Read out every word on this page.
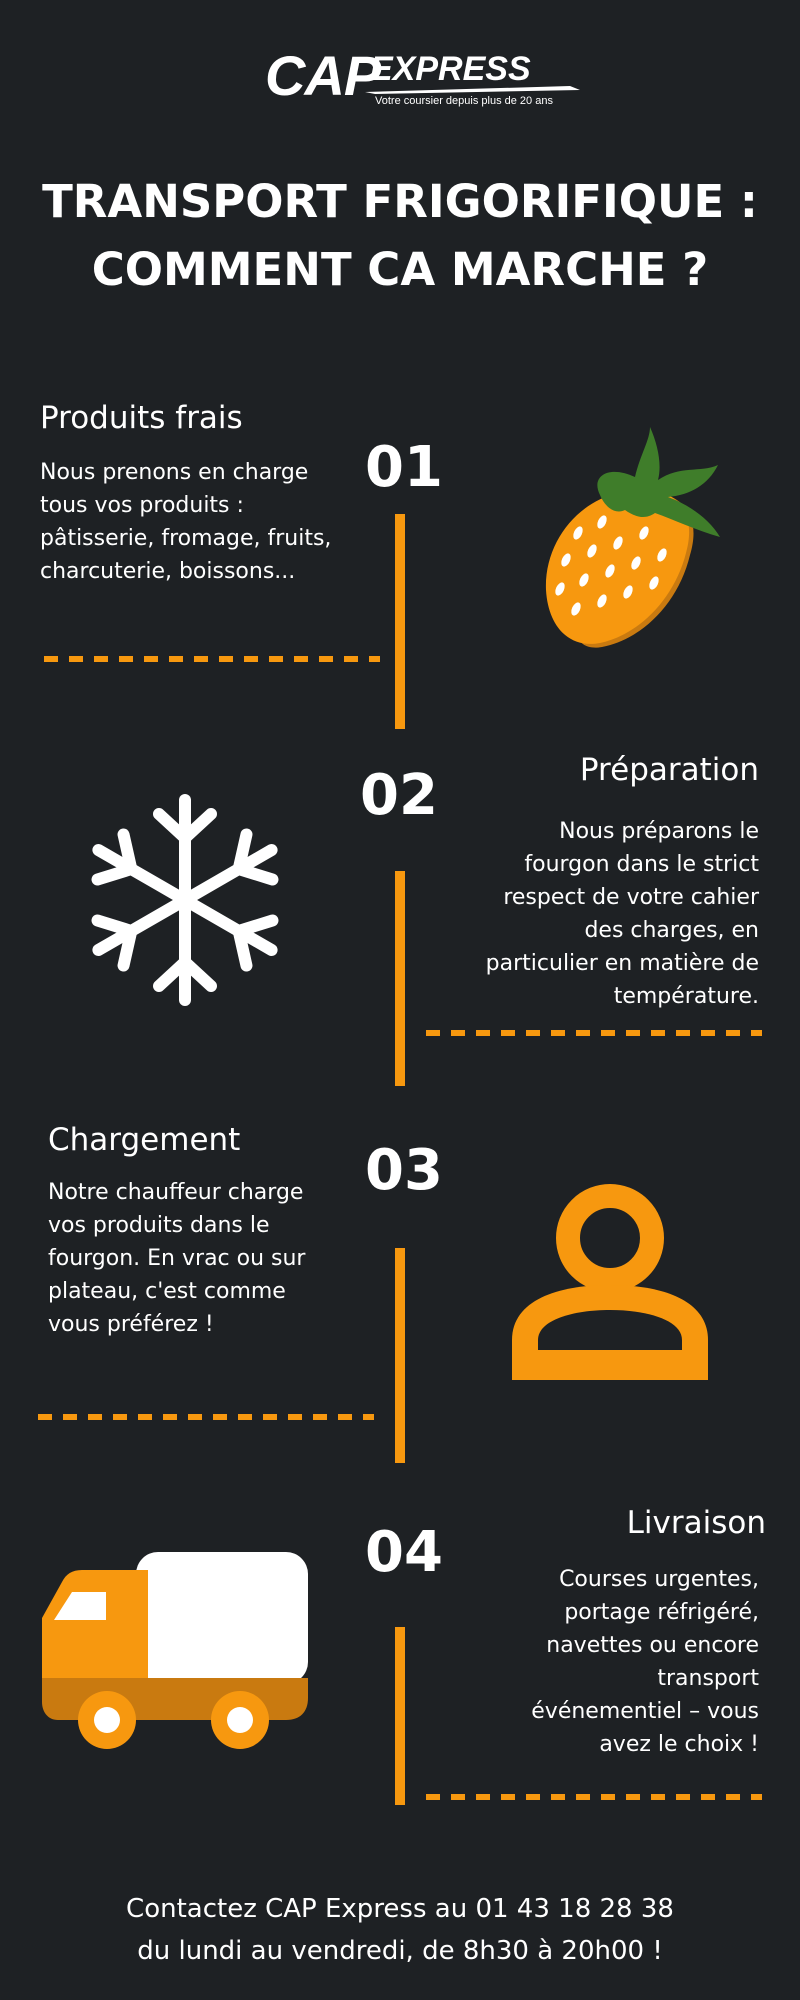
CAP
EXPRESS
Votre coursier depuis plus de 20 ans
TRANSPORT FRIGORIFIQUE :
COMMENT CA MARCHE ?
Produits frais
Nous prenons en charge tous vos produits : pâtisserie, fromage, fruits, charcuterie, boissons...
01
Préparation
Nous préparons le fourgon dans le strict respect de votre cahier des charges, en particulier en matière de température.
02
Chargement
Notre chauffeur charge vos produits dans le fourgon. En vrac ou sur plateau, c'est comme vous préférez !
03
Livraison
Courses urgentes, portage réfrigéré, navettes ou encore transport événementiel – vous avez le choix !
04
Contactez CAP Express au 01 43 18 28 38
du lundi au vendredi, de 8h30 à 20h00 !
